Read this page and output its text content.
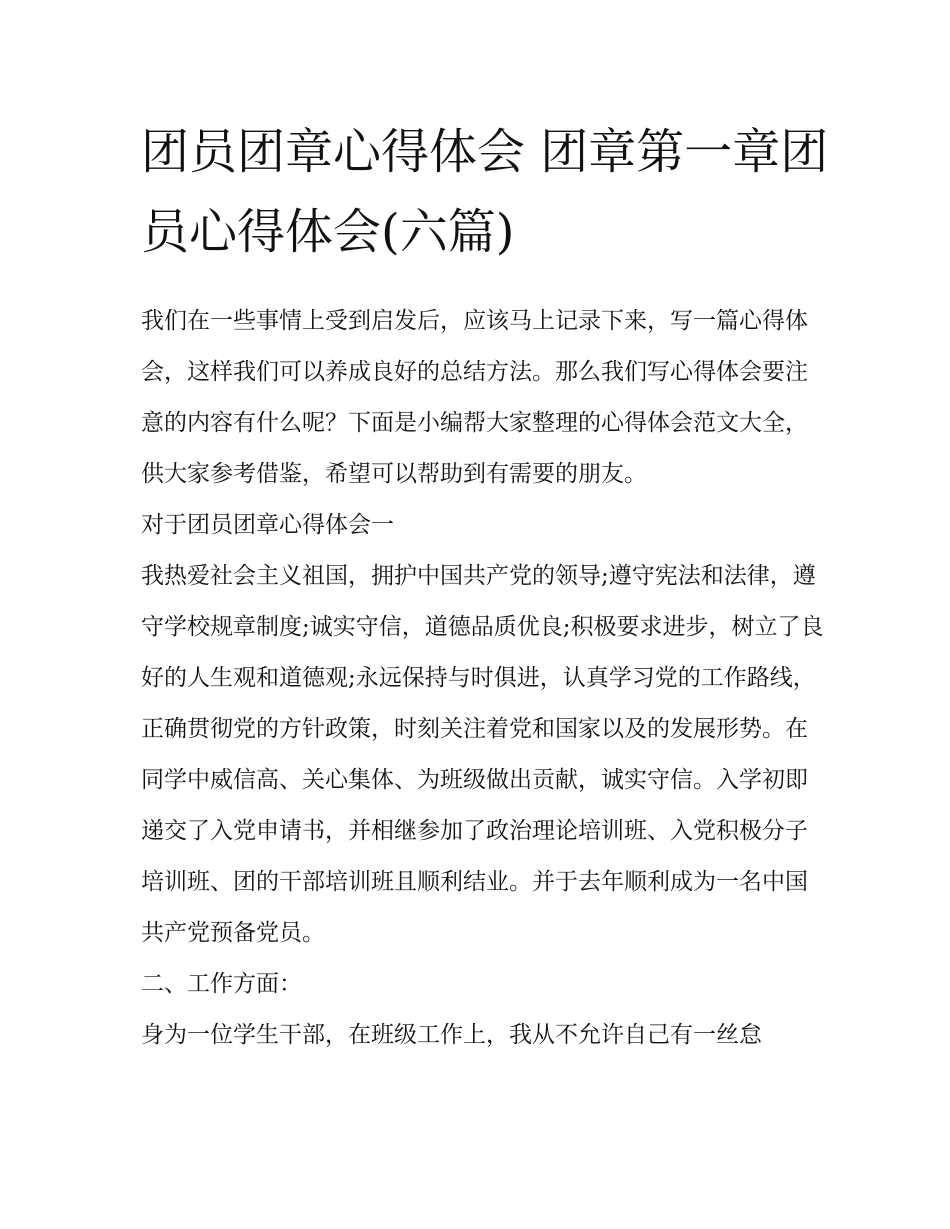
团员团章心得体会 团章第一章团员心得体会(六篇)

我们在一些事情上受到启发后，应该马上记录下来，写一篇心得体会，这样我们可以养成良好的总结方法。那么我们写心得体会要注意的内容有什么呢？下面是小编帮大家整理的心得体会范文大全，供大家参考借鉴，希望可以帮助到有需要的朋友。

对于团员团章心得体会一

我热爱社会主义祖国，拥护中国共产党的领导;遵守宪法和法律，遵守学校规章制度;诚实守信，道德品质优良;积极要求进步，树立了良好的人生观和道德观;永远保持与时俱进，认真学习党的工作路线，正确贯彻党的方针政策，时刻关注着党和国家以及的发展形势。在同学中威信高、关心集体、为班级做出贡献，诚实守信。入学初即递交了入党申请书，并相继参加了政治理论培训班、入党积极分子培训班、团的干部培训班且顺利结业。并于去年顺利成为一名中国共产党预备党员。

二、工作方面：

身为一位学生干部，在班级工作上，我从不允许自己有一丝怠
